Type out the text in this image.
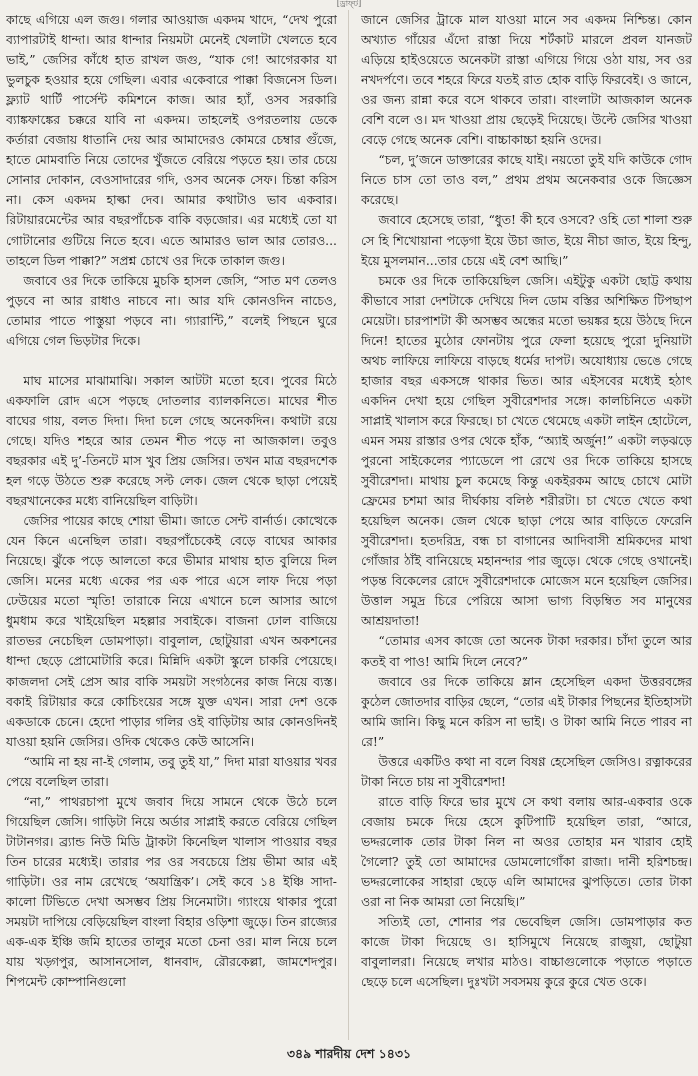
[ড্রাফ্‌ট]

কাছে এগিয়ে এল জগু। গলার আওয়াজ একদম খাদে, “দেখ পুরো ব্যাপারটাই ধান্দা। আর ধান্দার নিয়মটা মেনেই খেলাটা খেলতে হবে ভাই,” জেসির কাঁধে হাত রাখল জগু, “যাক গে! আগেরকার যা ভুলচুক হওয়ার হয়ে গেছিল। এবার একেবারে পাক্কা বিজনেস ডিল। ফ্ল্যাট থার্টি পার্সেন্ট কমিশনে কাজ। আর হ্যাঁ, ওসব সরকারি ব্যাঙ্কফাঙ্কের চক্করে যাবি না একদম। তাহলেই ওপরতলায় ডেকে কর্তারা বেজায় ধাতানি দেয় আর আমাদেরও কোমরে চেম্বার গুঁজে, হাতে মোমবাতি নিয়ে তোদের খুঁজতে বেরিয়ে পড়তে হয়। তার চেয়ে সোনার দোকান, বেওসাদারের গদি, ওসব অনেক সেফ। চিন্তা করিস না। কেস একদম হাল্কা দেব। আমার কথাটাও ভাব একবার। রিটায়ারমেন্টের আর বছরপাঁচেক বাকি বড়জোর। এর মধ্যেই তো যা গোটানোর গুটিয়ে নিতে হবে। এতে আমারও ভাল আর তোরও... তাহলে ডিল পাক্কা?” সপ্রশ্ন চোখে ওর দিকে তাকাল জগু।

জবাবে ওর দিকে তাকিয়ে মুচকি হাসল জেসি, “সাত মণ তেলও পুড়বে না আর রাধাও নাচবে না। আর যদি কোনওদিন নাচেও, তোমার পাতে পাস্তুয়া পড়বে না। গ্যারান্টি,” বলেই পিছনে ঘুরে এগিয়ে গেল ভিড়টার দিকে।

মাঘ মাসের মাঝামাঝি। সকাল আটটা মতো হবে। পুবের মিঠে একফালি রোদ এসে পড়ছে দোতলার ব্যালকনিতে। মাঘের শীত বাঘের গায়, বলত দিদা। দিদা চলে গেছে অনেকদিন। কথাটা রয়ে গেছে। যদিও শহরে আর তেমন শীত পড়ে না আজকাল। তবুও বছরকার এই দু’-তিনটে মাস খুব প্রিয় জেসির। তখন মাত্র বছরদশেক হল গড়ে উঠতে শুরু করেছে সল্ট লেক। জেল থেকে ছাড়া পেয়েই বছরখানেকের মধ্যে বানিয়েছিল বাড়িটা।

জেসির পায়ের কাছে শোয়া ভীমা। জাতে সেন্ট বার্নার্ড। কোত্থেকে যেন কিনে এনেছিল তারা। বছরপাঁচেকেই বেড়ে বাঘের আকার নিয়েছে। ঝুঁকে পড়ে আলতো করে ভীমার মাথায় হাত বুলিয়ে দিল জেসি। মনের মধ্যে একের পর এক পারে এসে লাফ দিয়ে পড়া ঢেউয়ের মতো স্মৃতি! তারাকে নিয়ে এখানে চলে আসার আগে ধুমধাম করে খাইয়েছিল মহল্লার সবাইকে। বাজনা ঢোল বাজিয়ে রাতভর নেচেছিল ডোমপাড়া। বাবুলাল, ছোটুয়ারা এখন অকশনের ধান্দা ছেড়ে প্রোমোটারি করে। মিন্নিদি একটা স্কুলে চাকরি পেয়েছে। কাজলদা সেই প্রেস আর বাকি সময়টা সংগঠনের কাজ নিয়ে ব্যস্ত। বকাই রিটায়ার করে কোচিংয়ের সঙ্গে যুক্ত এখন। সারা দেশ ওকে একডাকে চেনে। হেদো পাড়ার গলির ওই বাড়িটায় আর কোনওদিনই যাওয়া হয়নি জেসির। ওদিক থেকেও কেউ আসেনি।

“আমি না হয় না-ই গেলাম, তবু তুই যা,” দিদা মারা যাওয়ার খবর পেয়ে বলেছিল তারা।

“না,” পাথরচাপা মুখে জবাব দিয়ে সামনে থেকে উঠে চলে গিয়েছিল জেসি। গাড়িটা নিয়ে অর্ডার সাপ্লাই করতে বেরিয়ে গেছিল টাটানগর। ব্র্যান্ড নিউ মিডি ট্রাকটা কিনেছিল খালাস পাওয়ার বছর তিন চারের মধ্যেই। তারার পর ওর সবচেয়ে প্রিয় ভীমা আর এই গাড়িটা। ওর নাম রেখেছে ‘অযান্ত্রিক’। সেই কবে ১৪ ইঞ্চি সাদা-কালো টিভিতে দেখা অসম্ভব প্রিয় সিনেমাটা। গ্যাংয়ে থাকার পুরো সময়টা দাপিয়ে বেড়িয়েছিল বাংলা বিহার ওড়িশা জুড়ে। তিন রাজ্যের এক-এক ইঞ্চি জমি হাতের তালুর মতো চেনা ওর। মাল নিয়ে চলে যায় খড়্গপুর, আসানসোল, ধানবাদ, রৌরকেল্লা, জামশেদপুর। শিপমেন্ট কোম্পানিগুলো

জানে জেসির ট্রাকে মাল যাওয়া মানে সব একদম নিশ্চিন্ত। কোন অখ্যাত গাঁয়ের এঁদো রাস্তা দিয়ে শর্টকাট মারলে প্রবল যানজট এড়িয়ে হাইওয়েতে অনেকটা রাস্তা এগিয়ে গিয়ে ওঠা যায়, সব ওর নখদর্পণে। তবে শহরে ফিরে যতই রাত হোক বাড়ি ফিরবেই। ও জানে, ওর জন্য রান্না করে বসে থাকবে তারা। বাংলাটা আজকাল অনেক বেশি বলে ও। মদ খাওয়া প্রায় ছেড়েই দিয়েছে। উল্টে জেসির খাওয়া বেড়ে গেছে অনেক বেশি। বাচ্চাকাচ্চা হয়নি ওদের।

“চল, দু’জনে ডাক্তারের কাছে যাই। নয়তো তুই যদি কাউকে গোদ নিতে চাস তো তাও বল,” প্রথম প্রথম অনেকবার ওকে জিজ্ঞেস করেছে।

জবাবে হেসেছে তারা, “ধুত! কী হবে ওসবে? ওহি তো শালা শুরু সে হি শিখোয়ানা পড়েগা ইয়ে উচা জাত, ইয়ে নীচা জাত, ইয়ে হিন্দু, ইয়ে মুসলমান...তার চেয়ে এই বেশ আছি।”

চমকে ওর দিকে তাকিয়েছিল জেসি। এইটুকু একটা ছোট্ট কথায় কীভাবে সারা দেশটাকে দেখিয়ে দিল ডোম বস্তির অশিক্ষিত টিপছাপ মেয়েটা। চারপাশটা কী অসম্ভব অন্ধের মতো ভয়ঙ্কর হয়ে উঠছে দিনে দিনে! হাতের মুঠোর ফোনটায় পুরে ফেলা হয়েছে পুরো দুনিয়াটা অথচ লাফিয়ে লাফিয়ে বাড়ছে ধর্মের দাপট। অযোধ্যায় ভেঙে গেছে হাজার বছর একসঙ্গে থাকার ভিত। আর এইসবের মধ্যেই হঠাৎ একদিন দেখা হয়ে গেছিল সুবীরেশদার সঙ্গে। কালচিনিতে একটা সাপ্লাই খালাস করে ফিরছে। চা খেতে থেমেছে একটা লাইন হোটেলে, এমন সময় রাস্তার ওপর থেকে হাঁক, “অ্যাই অর্জুন!” একটা লড়ঝড়ে পুরনো সাইকেলের প্যাডেলে পা রেখে ওর দিকে তাকিয়ে হাসছে সুবীরেশদা। মাথায় চুল কমেছে কিন্তু একইরকম আছে চোখে মোটা ফ্রেমের চশমা আর দীর্ঘকায় বলিষ্ঠ শরীরটা। চা খেতে খেতে কথা হয়েছিল অনেক। জেল থেকে ছাড়া পেয়ে আর বাড়িতে ফেরেনি সুবীরেশদা। হতদরিদ্র, বন্ধ চা বাগানের আদিবাসী শ্রমিকদের মাথা গোঁজার ঠাঁই বানিয়েছে মহানন্দার পার জুড়ে। থেকে গেছে ওখানেই। পড়ন্ত বিকেলের রোদে সুবীরেশদাকে মোজেস মনে হয়েছিল জেসির। উত্তাল সমুদ্র চিরে পেরিয়ে আসা ভাগ্য বিড়ম্বিত সব মানুষের আশ্রয়দাতা!

“তোমার এসব কাজে তো অনেক টাকা দরকার। চাঁদা তুলে আর কতই বা পাও! আমি দিলে নেবে?”

জবাবে ওর দিকে তাকিয়ে ম্লান হেসেছিল একদা উত্তরবঙ্গের কুঠেল জোতদার বাড়ির ছেলে, “তোর এই টাকার পিছনের ইতিহাসটা আমি জানি। কিছু মনে করিস না ভাই। ও টাকা আমি নিতে পারব না রে!”

উত্তরে একটিও কথা না বলে বিষণ্ণ হেসেছিল জেসিও। রত্নাকরের টাকা নিতে চায় না সুবীরেশদা!

রাতে বাড়ি ফিরে ভার মুখে সে কথা বলায় আর-একবার ওকে বেজায় চমকে দিয়ে হেসে কুটিপাটি হয়েছিল তারা, “আরে, ভদ্দরলোক তোর টাকা নিল না অওর তোহার মন খারাব হোই গৈলো? তুই তো আমাদের ডোমলোগোঁকা রাজা। দানী হরিশচন্দ্র। ভদ্দরলোকের সাহারা ছেড়ে এলি আমাদের ঝুপড়িতে। তোর টাকা ওরা না নিক আমরা তো নিয়েছি।”

সত্যিই তো, শোনার পর ভেবেছিল জেসি। ডোমপাড়ার কত কাজে টাকা দিয়েছে ও। হাসিমুখে নিয়েছে রাজুয়া, ছোটুয়া বাবুলালরা। নিয়েছে লখার মাঠও। বাচ্চাগুলোকে পড়াতে পড়াতে ছেড়ে চলে এসেছিল। দুঃখটা সবসময় কুরে কুরে খেত ওকে।

৩৪৯ শারদীয় দেশ ১৪৩১
